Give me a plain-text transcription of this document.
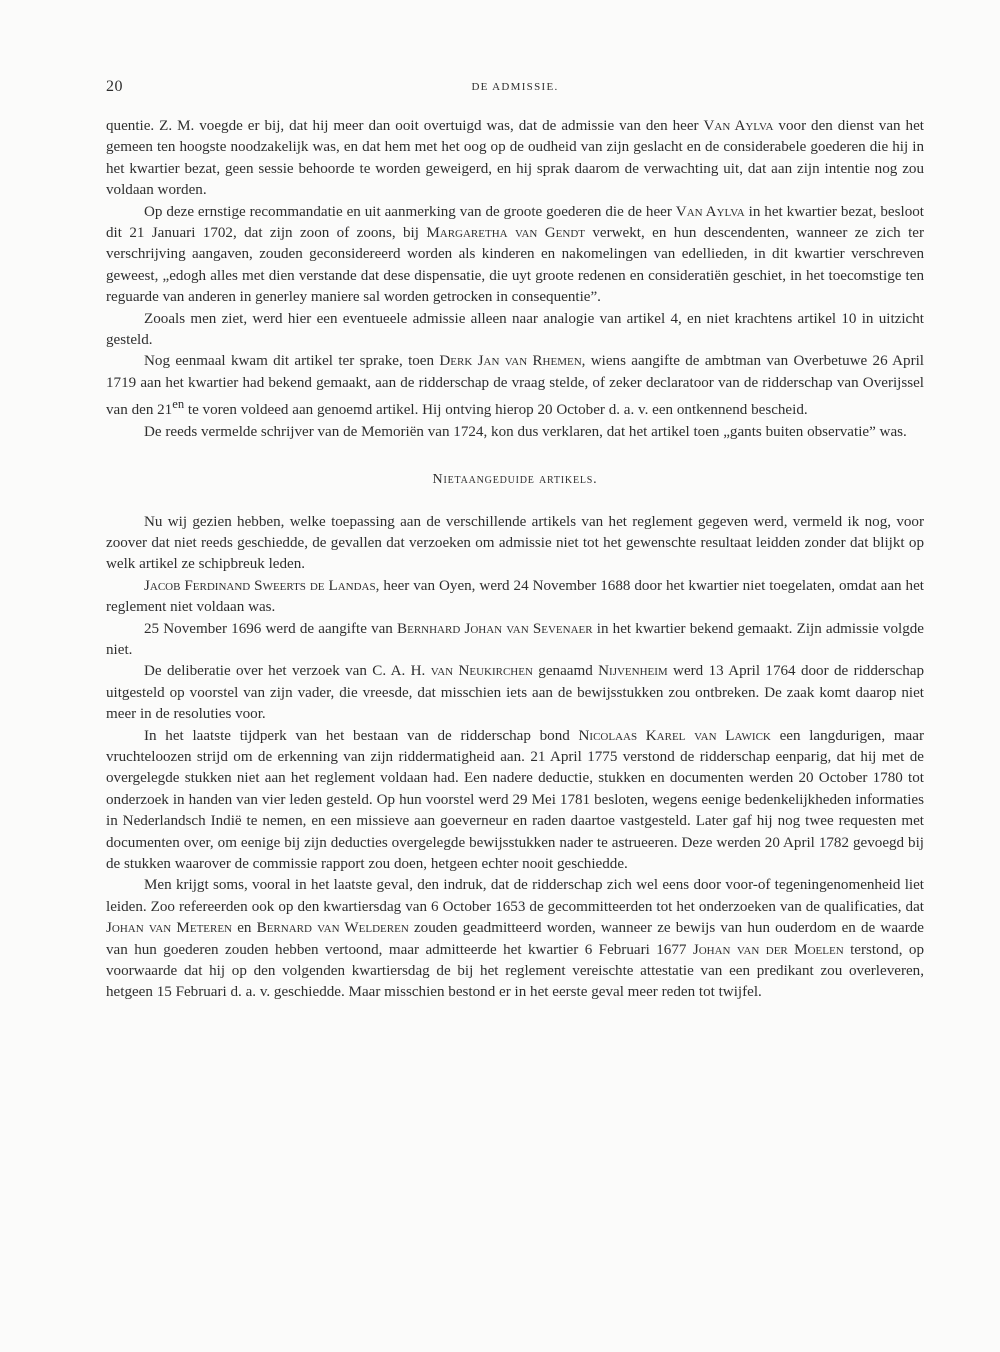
20	DE ADMISSIE.

quentie. Z. M. voegde er bij, dat hij meer dan ooit overtuigd was, dat de admissie van den heer Van Aylva voor den dienst van het gemeen ten hoogste noodzakelijk was, en dat hem met het oog op de oudheid van zijn geslacht en de considerabele goederen die hij in het kwartier bezat, geen sessie behoorde te worden geweigerd, en hij sprak daarom de verwachting uit, dat aan zijn intentie nog zou voldaan worden.

Op deze ernstige recommandatie en uit aanmerking van de groote goederen die de heer Van Aylva in het kwartier bezat, besloot dit 21 Januari 1702, dat zijn zoon of zoons, bij Margaretha van Gendt verwekt, en hun descendenten, wanneer ze zich ter verschrijving aangaven, zouden geconsidereerd worden als kinderen en nakomelingen van edellieden, in dit kwartier verschreven geweest, „edogh alles met dien verstande dat dese dispensatie, die uyt groote redenen en consideratiën geschiet, in het toecomstige ten reguarde van anderen in generley maniere sal worden getrocken in consequentie”.

Zooals men ziet, werd hier een eventueele admissie alleen naar analogie van artikel 4, en niet krachtens artikel 10 in uitzicht gesteld.

Nog eenmaal kwam dit artikel ter sprake, toen Derk Jan van Rhemen, wiens aangifte de ambtman van Overbetuwe 26 April 1719 aan het kwartier had bekend gemaakt, aan de ridderschap de vraag stelde, of zeker declaratoor van de ridderschap van Overijssel van den $21^{en}$ te voren voldeed aan genoemd artikel. Hij ontving hierop 20 October d. a. v. een ontkennend bescheid.

De reeds vermelde schrijver van de Memoriën van 1724, kon dus verklaren, dat het artikel toen „gants buiten observatie” was.

Nietaangeduide artikels.

Nu wij gezien hebben, welke toepassing aan de verschillende artikels van het reglement gegeven werd, vermeld ik nog, voor zoover dat niet reeds geschiedde, de gevallen dat verzoeken om admissie niet tot het gewenschte resultaat leidden zonder dat blijkt op welk artikel ze schipbreuk leden.

Jacob Ferdinand Sweerts de Landas, heer van Oyen, werd 24 November 1688 door het kwartier niet toegelaten, omdat aan het reglement niet voldaan was.

25 November 1696 werd de aangifte van Bernhard Johan van Sevenaer in het kwartier bekend gemaakt. Zijn admissie volgde niet.

De deliberatie over het verzoek van C. A. H. van Neukirchen genaamd Nijvenheim werd 13 April 1764 door de ridderschap uitgesteld op voorstel van zijn vader, die vreesde, dat misschien iets aan de bewijsstukken zou ontbreken. De zaak komt daarop niet meer in de resoluties voor.

In het laatste tijdperk van het bestaan van de ridderschap bond Nicolaas Karel van Lawick een langdurigen, maar vruchteloozen strijd om de erkenning van zijn riddermatigheid aan. 21 April 1775 verstond de ridderschap eenparig, dat hij met de overgelegde stukken niet aan het reglement voldaan had. Een nadere deductie, stukken en documenten werden 20 October 1780 tot onderzoek in handen van vier leden gesteld. Op hun voorstel werd 29 Mei 1781 besloten, wegens eenige bedenkelijkheden informaties in Nederlandsch Indië te nemen, en een missieve aan goeverneur en raden daartoe vastgesteld. Later gaf hij nog twee requesten met documenten over, om eenige bij zijn deducties overgelegde bewijsstukken nader te astrueeren. Deze werden 20 April 1782 gevoegd bij de stukken waarover de commissie rapport zou doen, hetgeen echter nooit geschiedde.

Men krijgt soms, vooral in het laatste geval, den indruk, dat de ridderschap zich wel eens door voor-of tegeningenomenheid liet leiden. Zoo refereerden ook op den kwartiersdag van 6 October 1653 de gecommitteerden tot het onderzoeken van de qualificaties, dat Johan van Meteren en Bernard van Welderen zouden geadmitteerd worden, wanneer ze bewijs van hun ouderdom en de waarde van hun goederen zouden hebben vertoond, maar admitteerde het kwartier 6 Februari 1677 Johan van der Moelen terstond, op voorwaarde dat hij op den volgenden kwartiersdag de bij het reglement vereischte attestatie van een predikant zou overleveren, hetgeen 15 Februari d. a. v. geschiedde. Maar misschien bestond er in het eerste geval meer reden tot twijfel.
